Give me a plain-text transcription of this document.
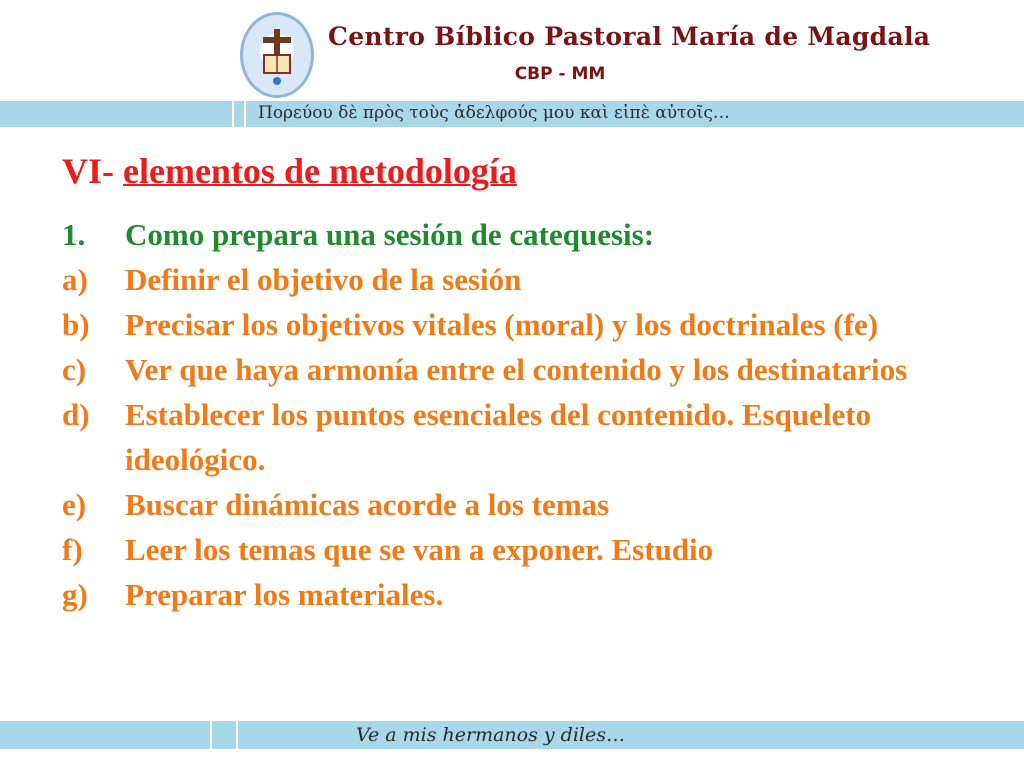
Centro Bíblico Pastoral María de Magdala
CBP - MM
Πορεύου δὲ πρὸς τοὺς ἀδελφούς μου καὶ εἰπὲ αὐτοῖς…
VI- elementos de metodología
1. Como prepara una sesión de catequesis:
a) Definir el objetivo de la sesión
b) Precisar los objetivos vitales (moral) y los doctrinales (fe)
c) Ver que haya armonía entre el contenido y los destinatarios
d) Establecer los puntos esenciales del contenido. Esqueleto ideológico.
e) Buscar dinámicas acorde a los temas
f) Leer los temas que se van a exponer. Estudio
g) Preparar los materiales.
Ve a mis hermanos y diles…
